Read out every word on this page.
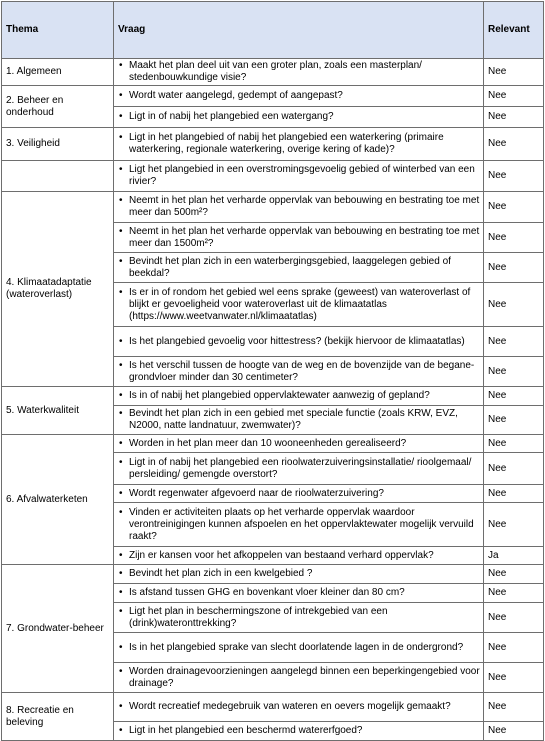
Thema	Vraag	Relevant
1. Algemeen	• Maakt het plan deel uit van een groter plan, zoals een masterplan/ stedenbouwkundige visie?	Nee
2. Beheer en onderhoud	• Wordt water aangelegd, gedempt of aangepast?	Nee

	• Ligt in of nabij het plangebied een watergang?	Nee
3. Veiligheid	• Ligt in het plangebied of nabij het plangebied een waterkering (primaire waterkering, regionale waterkering, overige kering of kade)?	Nee

	• Ligt het plangebied in een overstromingsgevoelig gebied of winterbed van een rivier?	Nee
4. Klimaatadaptatie (wateroverlast)	• Neemt in het plan het verharde oppervlak van bebouwing en bestrating toe met meer dan 500m²?	Nee

	• Neemt in het plan het verharde oppervlak van bebouwing en bestrating toe met meer dan 1500m²?	Nee

	• Bevindt het plan zich in een waterbergingsgebied, laaggelegen gebied of beekdal?	Nee

	• Is er in of rondom het gebied wel eens sprake (geweest) van wateroverlast of blijkt er gevoeligheid voor wateroverlast uit de klimaatatlas (https://www.weetvanwater.nl/klimaatatlas)	Nee

	• Is het plangebied gevoelig voor hittestress? (bekijk hiervoor de klimaatatlas)	Nee

	• Is het verschil tussen de hoogte van de weg en de bovenzijde van de begane-grondvloer minder dan 30 centimeter?	Nee
5. Waterkwaliteit	• Is in of nabij het plangebied oppervlaktewater aanwezig of gepland?	Nee

	• Bevindt het plan zich in een gebied met speciale functie (zoals KRW, EVZ, N2000, natte landnatuur, zwemwater)?	Nee
6. Afvalwaterketen	• Worden in het plan meer dan 10 wooneenheden gerealiseerd?	Nee

	• Ligt in of nabij het plangebied een rioolwaterzuiveringsinstallatie/ rioolgemaal/ persleiding/ gemengde overstort?	Nee

	• Wordt regenwater afgevoerd naar de rioolwaterzuivering?	Nee

	• Vinden er activiteiten plaats op het verharde oppervlak waardoor verontreinigingen kunnen afspoelen en het oppervlaktewater mogelijk vervuild raakt?	Nee

	• Zijn er kansen voor het afkoppelen van bestaand verhard oppervlak?	Ja
7. Grondwater-beheer	• Bevindt het plan zich in een kwelgebied ?	Nee

	• Is afstand tussen GHG en bovenkant vloer kleiner dan 80 cm?	Nee

	• Ligt het plan in beschermingszone of intrekgebied van een (drink)wateronttrekking?	Nee

	• Is in het plangebied sprake van slecht doorlatende lagen in de ondergrond?	Nee

	• Worden drainagevoorzieningen aangelegd binnen een beperkingengebied voor drainage?	Nee
8. Recreatie en beleving	• Wordt recreatief medegebruik van wateren en oevers mogelijk gemaakt?	Nee

	• Ligt in het plangebied een beschermd watererfgoed?	Nee
